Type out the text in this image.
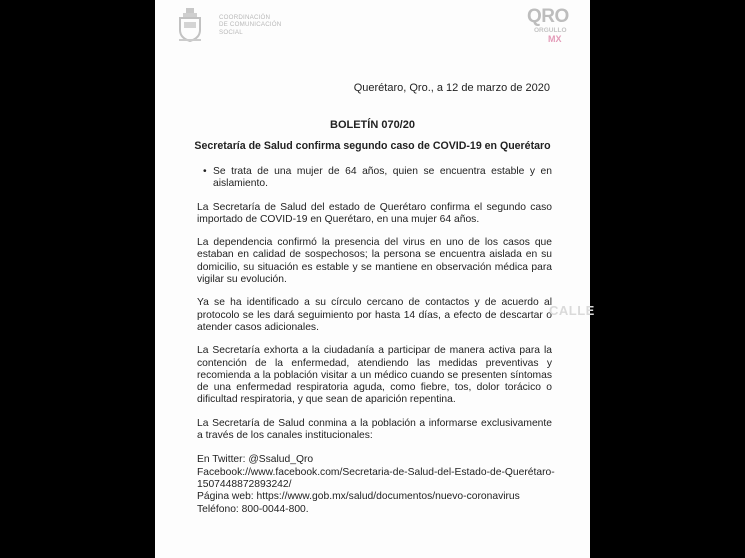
COORDINACIÓN
DE COMUNICACIÓN
SOCIAL
QRO
ORGULLO
MX
Querétaro, Qro., a 12 de marzo de 2020
BOLETÍN 070/20
Secretaría de Salud confirma segundo caso de COVID-19 en Querétaro
• Se trata de una mujer de 64 años, quien se encuentra estable y en aislamiento.

La Secretaría de Salud del estado de Querétaro confirma el segundo caso importado de COVID-19 en Querétaro, en una mujer 64 años.

La dependencia confirmó la presencia del virus en uno de los casos que estaban en calidad de sospechosos; la persona se encuentra aislada en su domicilio, su situación es estable y se mantiene en observación médica para vigilar su evolución.

Ya se ha identificado a su círculo cercano de contactos y de acuerdo al protocolo se les dará seguimiento por hasta 14 días, a efecto de descartar o atender casos adicionales.

La Secretaría exhorta a la ciudadanía a participar de manera activa para la contención de la enfermedad, atendiendo las medidas preventivas y recomienda a la población visitar a un médico cuando se presenten síntomas de una enfermedad respiratoria aguda, como fiebre, tos, dolor torácico o dificultad respiratoria, y que sean de aparición repentina.

La Secretaría de Salud conmina a la población a informarse exclusivamente a través de los canales institucionales:

En Twitter: @Ssalud_Qro
Facebook://www.facebook.com/Secretaria-de-Salud-del-Estado-de-Querétaro-
1507448872893242/
Página web: https://www.gob.mx/salud/documentos/nuevo-coronavirus
Teléfono: 800-0044-800.
CALLE
